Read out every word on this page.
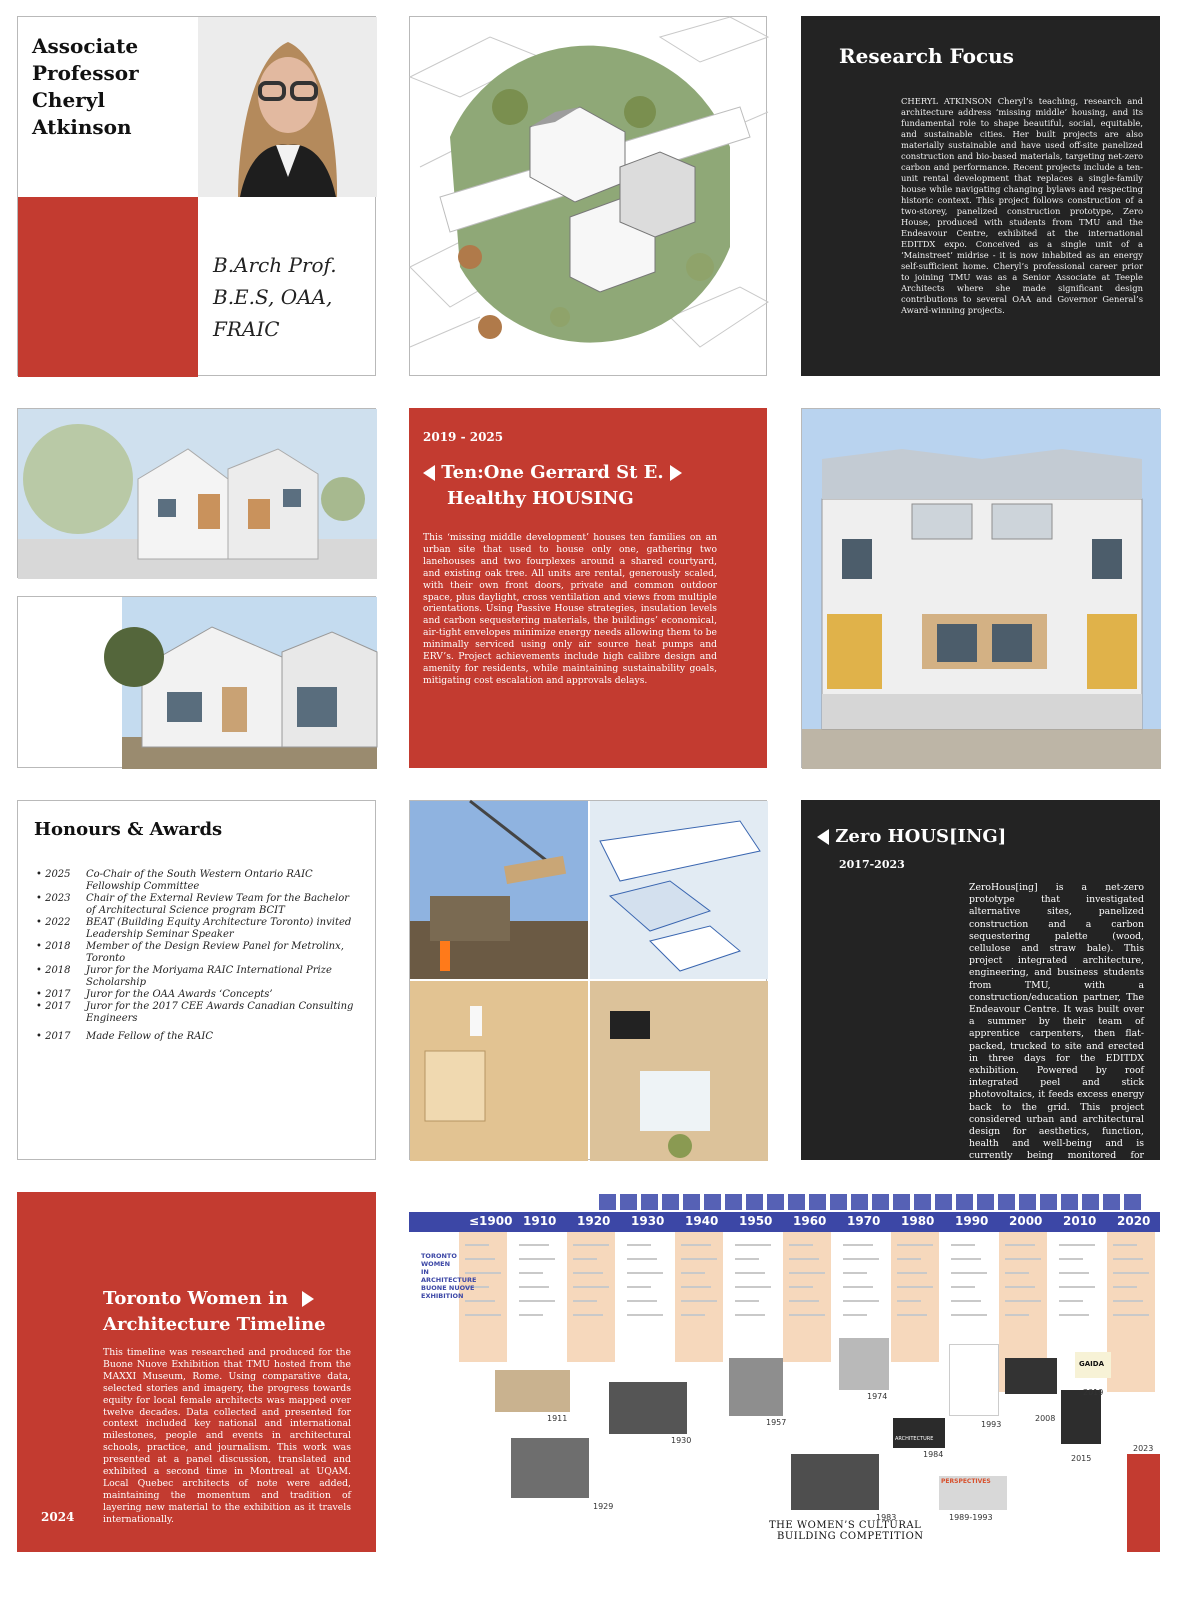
Associate
Professor
Cheryl
Atkinson
B.Arch Prof.
B.E.S, OAA,
FRAIC
Research Focus
CHERYL ATKINSON Cheryl’s teaching, research and architecture address ‘missing middle’ housing, and its fundamental role to shape beautiful, social, equitable, and sustainable cities. Her built projects are also materially sustainable and have used off-site panelized construction and bio-based materials, targeting net-zero carbon and performance. Recent projects include a ten-unit rental development that replaces a single-family house while navigating changing bylaws and respecting historic context. This project follows construction of a two-storey, panelized construction prototype, Zero House, produced with students from TMU and the Endeavour Centre, exhibited at the international EDITDX expo. Conceived as a single unit of a ‘Mainstreet’ midrise - it is now inhabited as an energy self-sufficient home. Cheryl’s professional career prior to joining TMU was as a Senior Associate at Teeple Architects where she made significant design contributions to several OAA and Governor General’s Award-winning projects.
2019 - 2025
Ten:One Gerrard St E.
Healthy HOUSING
This ‘missing middle development’ houses ten families on an urban site that used to house only one, gathering two lanehouses and two fourplexes around a shared courtyard, and existing oak tree. All units are rental, generously scaled, with their own front doors, private and common outdoor space, plus daylight, cross ventilation and views from multiple orientations. Using Passive House strategies, insulation levels and carbon sequestering materials, the buildings’ economical, air-tight envelopes minimize energy needs allowing them to be minimally serviced using only air source heat pumps and ERV’s. Project achievements include high calibre design and amenity for residents, while maintaining sustainability goals, mitigating cost escalation and approvals delays.
Honours & Awards
• 2025	Co-Chair of the South Western Ontario RAIC Fellowship Committee
• 2023	Chair of the External Review Team for the Bachelor of Architectural Science program BCIT
• 2022	BEAT (Building Equity Architecture Toronto) invited Leadership Seminar Speaker
• 2018	Member of the Design Review Panel for Metrolinx, Toronto
• 2018	Juror for the Moriyama RAIC International Prize Scholarship
• 2017	Juror for the OAA Awards ‘Concepts’
• 2017	Juror for the 2017 CEE Awards Canadian Consulting Engineers
• 2017	Made Fellow of the RAIC
Zero HOUS[ING]
2017-2023
ZeroHous[ing] is a net-zero prototype that investigated alternative sites, panelized construction and a carbon sequestering palette (wood, cellulose and straw bale). This project integrated architecture, engineering, and business students from TMU, with a construction/education partner, The Endeavour Centre. It was built over a summer by their team of apprentice carpenters, then flat-packed, trucked to site and erected in three days for the EDITDX exhibition. Powered by roof integrated peel and stick photovoltaics, it feeds excess energy back to the grid. This project considered urban and architectural design for aesthetics, function, health and well-being and is currently being monitored for performance.
Toronto Women in
Architecture Timeline
This timeline was researched and produced for the Buone Nuove Exhibition that TMU hosted from the MAXXI Museum, Rome. Using comparative data, selected stories and imagery, the progress towards equity for local female architects was mapped over twelve decades. Data collected and presented for context included key national and international milestones, people and events in architectural schools, practice, and journalism. This work was presented at a panel discussion, translated and exhibited a second time in Montreal at UQAM. Local Quebec architects of note were added, maintaining the momentum and tradition of layering new material to the exhibition as it travels internationally.
2024
≤1900 1910 1920 1930 1940 1950 1960 1970 1980 1990 2000 2010 2020
TORONTO
WOMEN
IN
ARCHITECTURE
BUONE NUOVE
EXHIBITION
1911
1930
1929
1957
1974
1983
THE WOMEN’S CULTURAL
BUILDING COMPETITION
ARCHITECTURE
1984
PERSPECTIVES
1989-1993
1993
2008
2015
GAIDA
2019
2023
